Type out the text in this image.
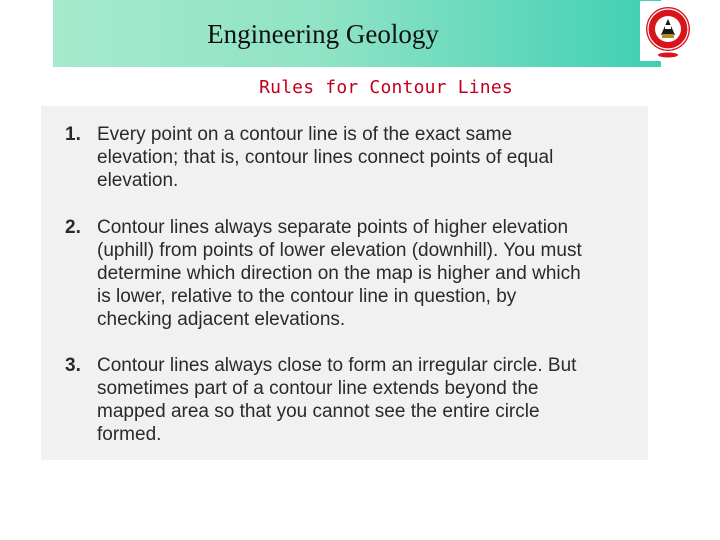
Engineering Geology
Rules for Contour Lines
1. Every point on a contour line is of the exact same
elevation; that is, contour lines connect points of equal
elevation.
2. Contour lines always separate points of higher elevation
(uphill) from points of lower elevation (downhill). You must
determine which direction on the map is higher and which
is lower, relative to the contour line in question, by
checking adjacent elevations.
3. Contour lines always close to form an irregular circle. But
sometimes part of a contour line extends beyond the
mapped area so that you cannot see the entire circle
formed.
